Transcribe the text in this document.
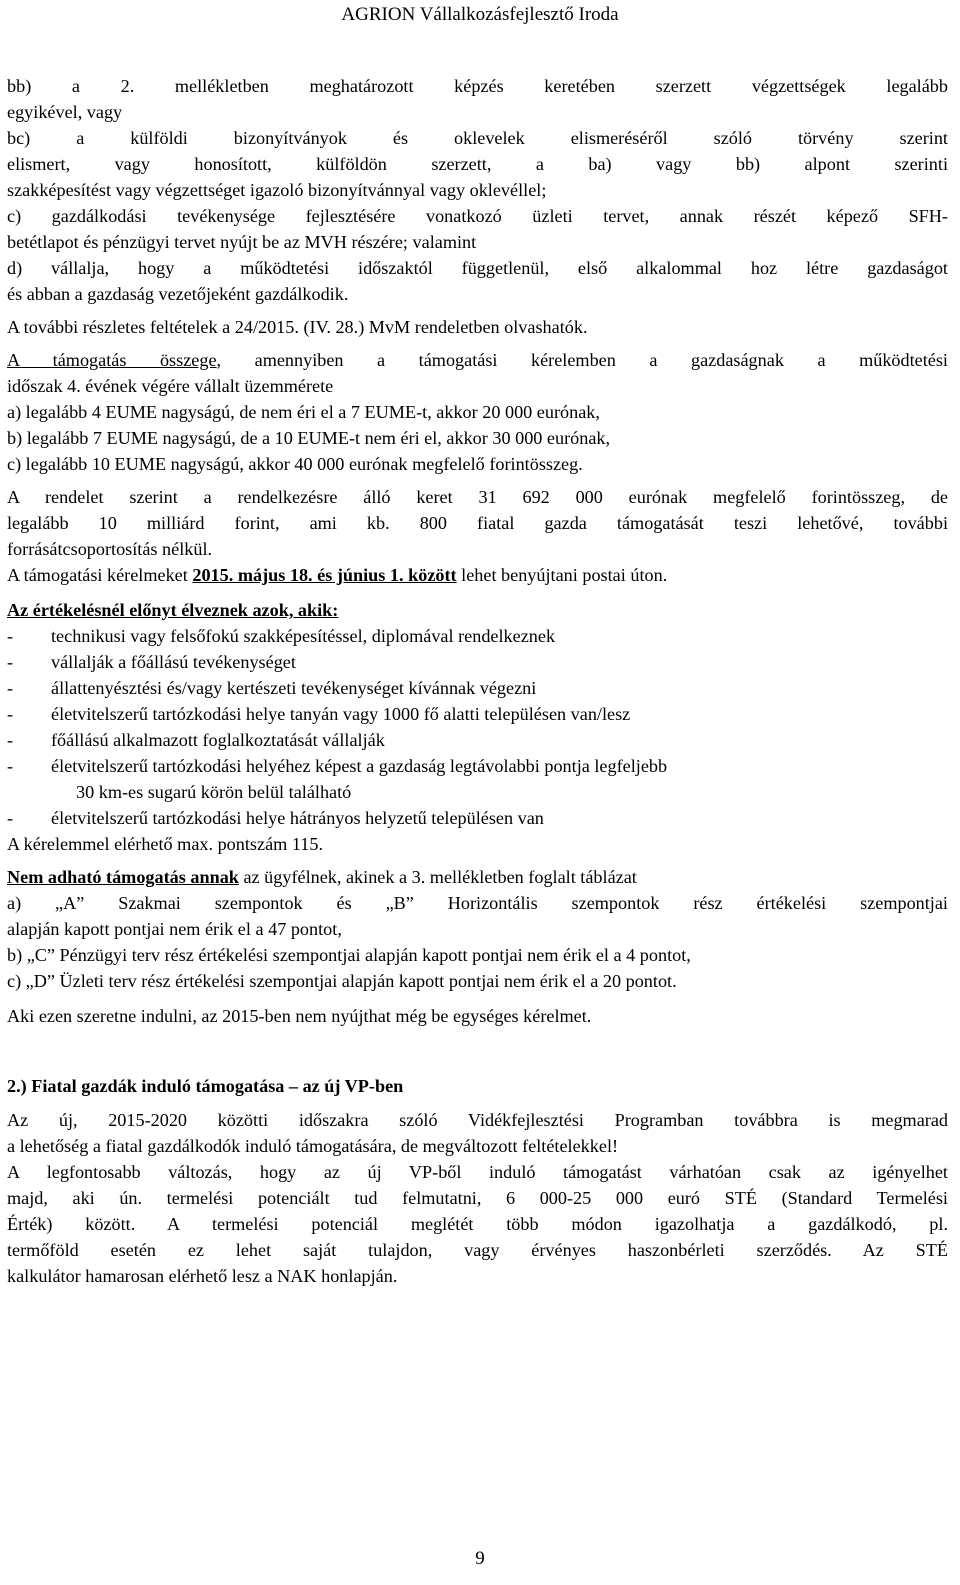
AGRION Vállalkozásfejlesztő Iroda
bb) a 2. mellékletben meghatározott képzés keretében szerzett végzettségek legalább
egyikével, vagy
bc) a külföldi bizonyítványok és oklevelek elismeréséről szóló törvény szerint
elismert, vagy honosított, külföldön szerzett, a ba) vagy bb) alpont szerinti
szakképesítést vagy végzettséget igazoló bizonyítvánnyal vagy oklevéllel;
c) gazdálkodási tevékenysége fejlesztésére vonatkozó üzleti tervet, annak részét képező SFH-
betétlapot és pénzügyi tervet nyújt be az MVH részére; valamint
d) vállalja, hogy a működtetési időszaktól függetlenül, első alkalommal hoz létre gazdaságot
és abban a gazdaság vezetőjeként gazdálkodik.
A további részletes feltételek a 24/2015. (IV. 28.) MvM rendeletben olvashatók.
A támogatás összege, amennyiben a támogatási kérelemben a gazdaságnak a működtetési
időszak 4. évének végére vállalt üzemmérete
a) legalább 4 EUME nagyságú, de nem éri el a 7 EUME-t, akkor 20 000 eurónak,
b) legalább 7 EUME nagyságú, de a 10 EUME-t nem éri el, akkor 30 000 eurónak,
c) legalább 10 EUME nagyságú, akkor 40 000 eurónak megfelelő forintösszeg.
A rendelet szerint a rendelkezésre álló keret 31 692 000 eurónak megfelelő forintösszeg, de
legalább 10 milliárd forint, ami kb. 800 fiatal gazda támogatását teszi lehetővé, további
forrásátcsoportosítás nélkül.
A támogatási kérelmeket 2015. május 18. és június 1. között lehet benyújtani postai úton.
Az értékelésnél előnyt élveznek azok, akik:
- technikusi vagy felsőfokú szakképesítéssel, diplomával rendelkeznek
- vállalják a főállású tevékenységet
- állattenyésztési és/vagy kertészeti tevékenységet kívánnak végezni
- életvitelszerű tartózkodási helye tanyán vagy 1000 fő alatti településen van/lesz
- főállású alkalmazott foglalkoztatását vállalják
- életvitelszerű tartózkodási helyéhez képest a gazdaság legtávolabbi pontja legfeljebb
30 km-es sugarú körön belül található
- életvitelszerű tartózkodási helye hátrányos helyzetű településen van
A kérelemmel elérhető max. pontszám 115.
Nem adható támogatás annak az ügyfélnek, akinek a 3. mellékletben foglalt táblázat
a) „A” Szakmai szempontok és „B” Horizontális szempontok rész értékelési szempontjai
alapján kapott pontjai nem érik el a 47 pontot,
b) „C” Pénzügyi terv rész értékelési szempontjai alapján kapott pontjai nem érik el a 4 pontot,
c) „D” Üzleti terv rész értékelési szempontjai alapján kapott pontjai nem érik el a 20 pontot.
Aki ezen szeretne indulni, az 2015-ben nem nyújthat még be egységes kérelmet.
2.) Fiatal gazdák induló támogatása – az új VP-ben
Az új, 2015-2020 közötti időszakra szóló Vidékfejlesztési Programban továbbra is megmarad
a lehetőség a fiatal gazdálkodók induló támogatására, de megváltozott feltételekkel!
A legfontosabb változás, hogy az új VP-ből induló támogatást várhatóan csak az igényelhet
majd, aki ún. termelési potenciált tud felmutatni, 6 000-25 000 euró STÉ (Standard Termelési
Érték) között. A termelési potenciál meglétét több módon igazolhatja a gazdálkodó, pl.
termőföld esetén ez lehet saját tulajdon, vagy érvényes haszonbérleti szerződés. Az STÉ
kalkulátor hamarosan elérhető lesz a NAK honlapján.
9
